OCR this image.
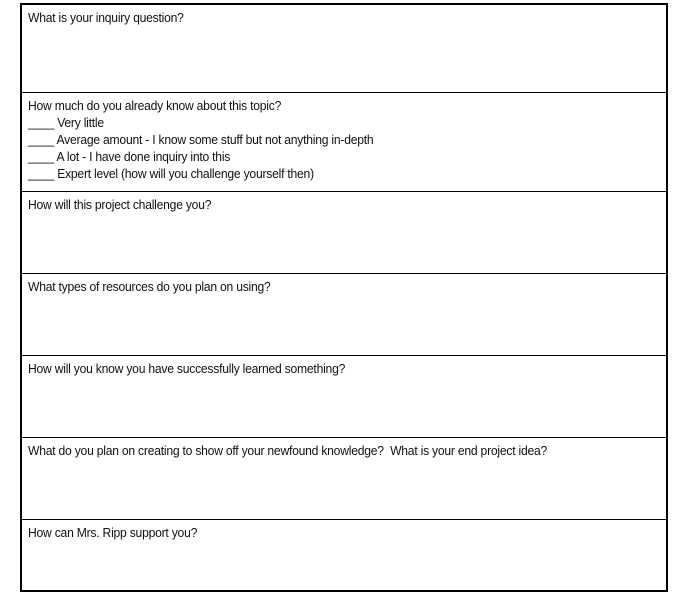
What is your inquiry question?
How much do you already know about this topic?
____ Very little
____ Average amount - I know some stuff but not anything in-depth
____ A lot - I have done inquiry into this
____ Expert level (how will you challenge yourself then)
How will this project challenge you?
What types of resources do you plan on using?
How will you know you have successfully learned something?
What do you plan on creating to show off your newfound knowledge?  What is your end project idea?
How can Mrs. Ripp support you?
